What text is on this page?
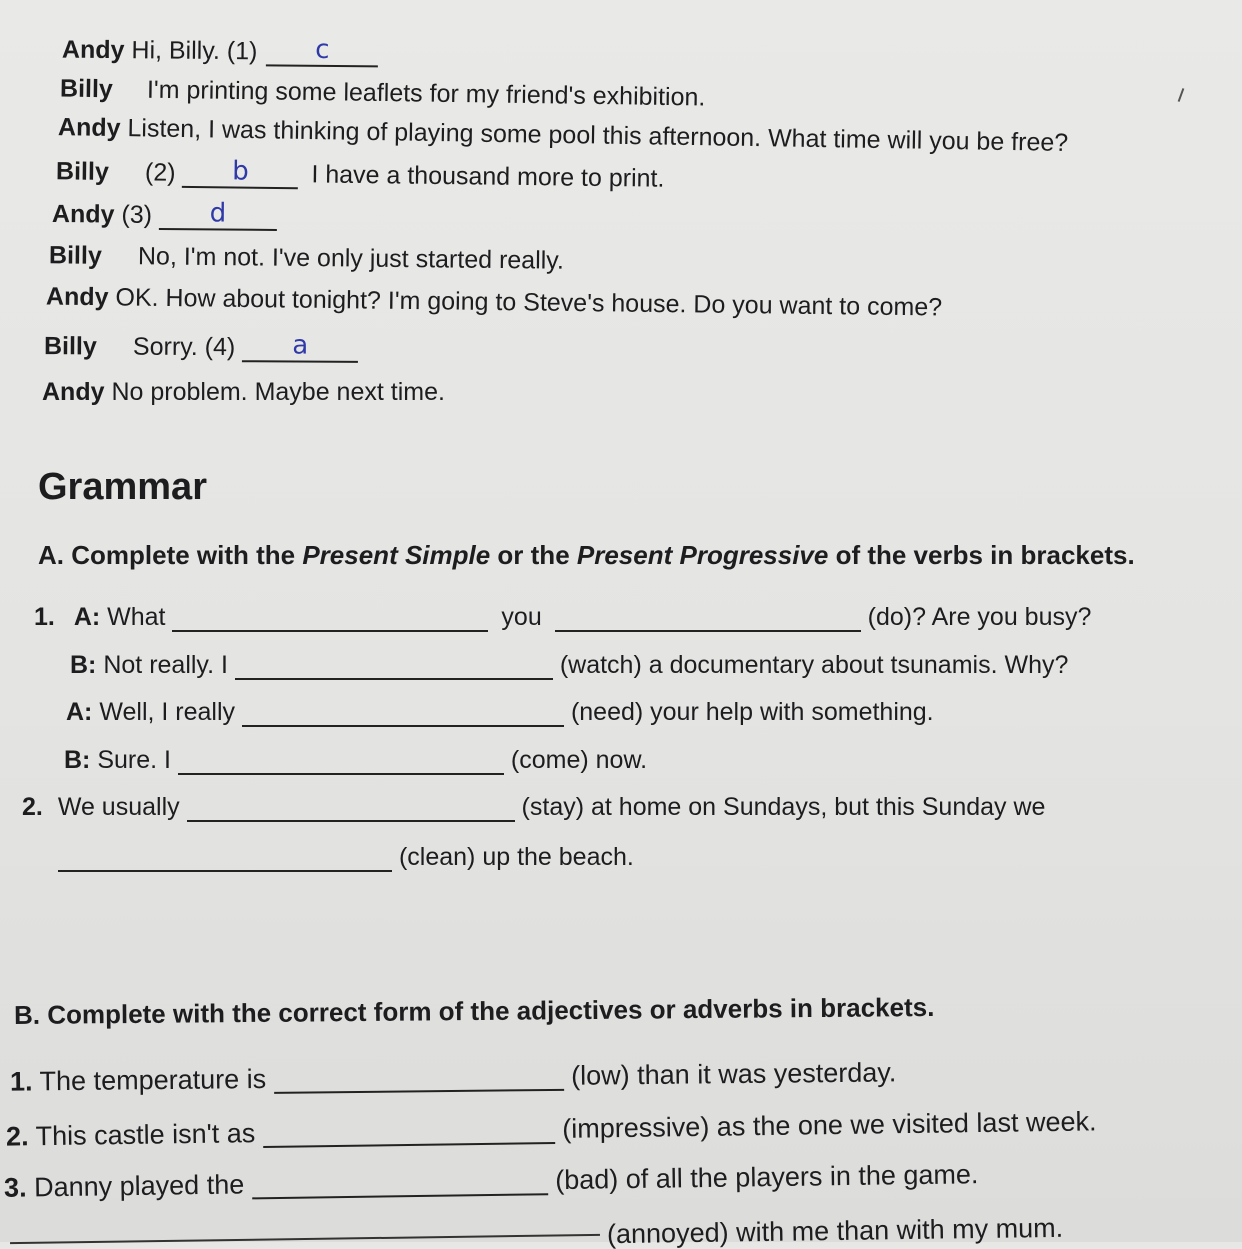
Andy Hi, Billy. (1)	c
Billy I'm printing some leaflets for my friend's exhibition.
Andy Listen, I was thinking of playing some pool this afternoon. What time will you be free?
Billy (2)	b	I have a thousand more to print.
Andy (3)	d
Billy No, I'm not. I've only just started really.
Andy OK. How about tonight? I'm going to Steve's house. Do you want to come?
Billy Sorry. (4)	a
Andy No problem. Maybe next time.
Grammar
A. Complete with the Present Simple or the Present Progressive of the verbs in brackets.
1. A: What	you	(do)? Are you busy?
B: Not really. I	(watch) a documentary about tsunamis. Why?
A: Well, I really	(need) your help with something.
B: Sure. I	(come) now.
2. We usually	(stay) at home on Sundays, but this Sunday we
(clean) up the beach.
B. Complete with the correct form of the adjectives or adverbs in brackets.
1. The temperature is	(low) than it was yesterday.
2. This castle isn't as	(impressive) as the one we visited last week.
3. Danny played the	(bad) of all the players in the game.
(annoyed) with me than with my mum.
